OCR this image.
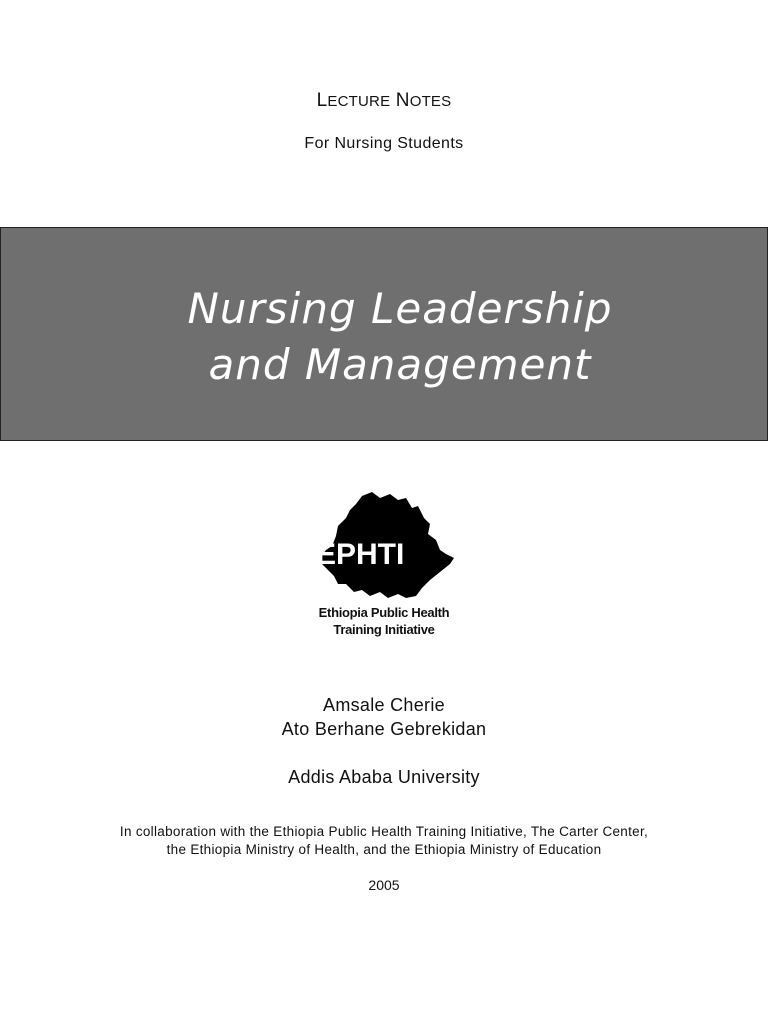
LECTURE NOTES

For Nursing Students

Nursing Leadership

and Management

EPHTI

Ethiopia Public Health

Training Initiative

Amsale Cherie

Ato Berhane Gebrekidan

Addis Ababa University

In collaboration with the Ethiopia Public Health Training Initiative, The Carter Center,

the Ethiopia Ministry of Health, and the Ethiopia Ministry of Education

2005
